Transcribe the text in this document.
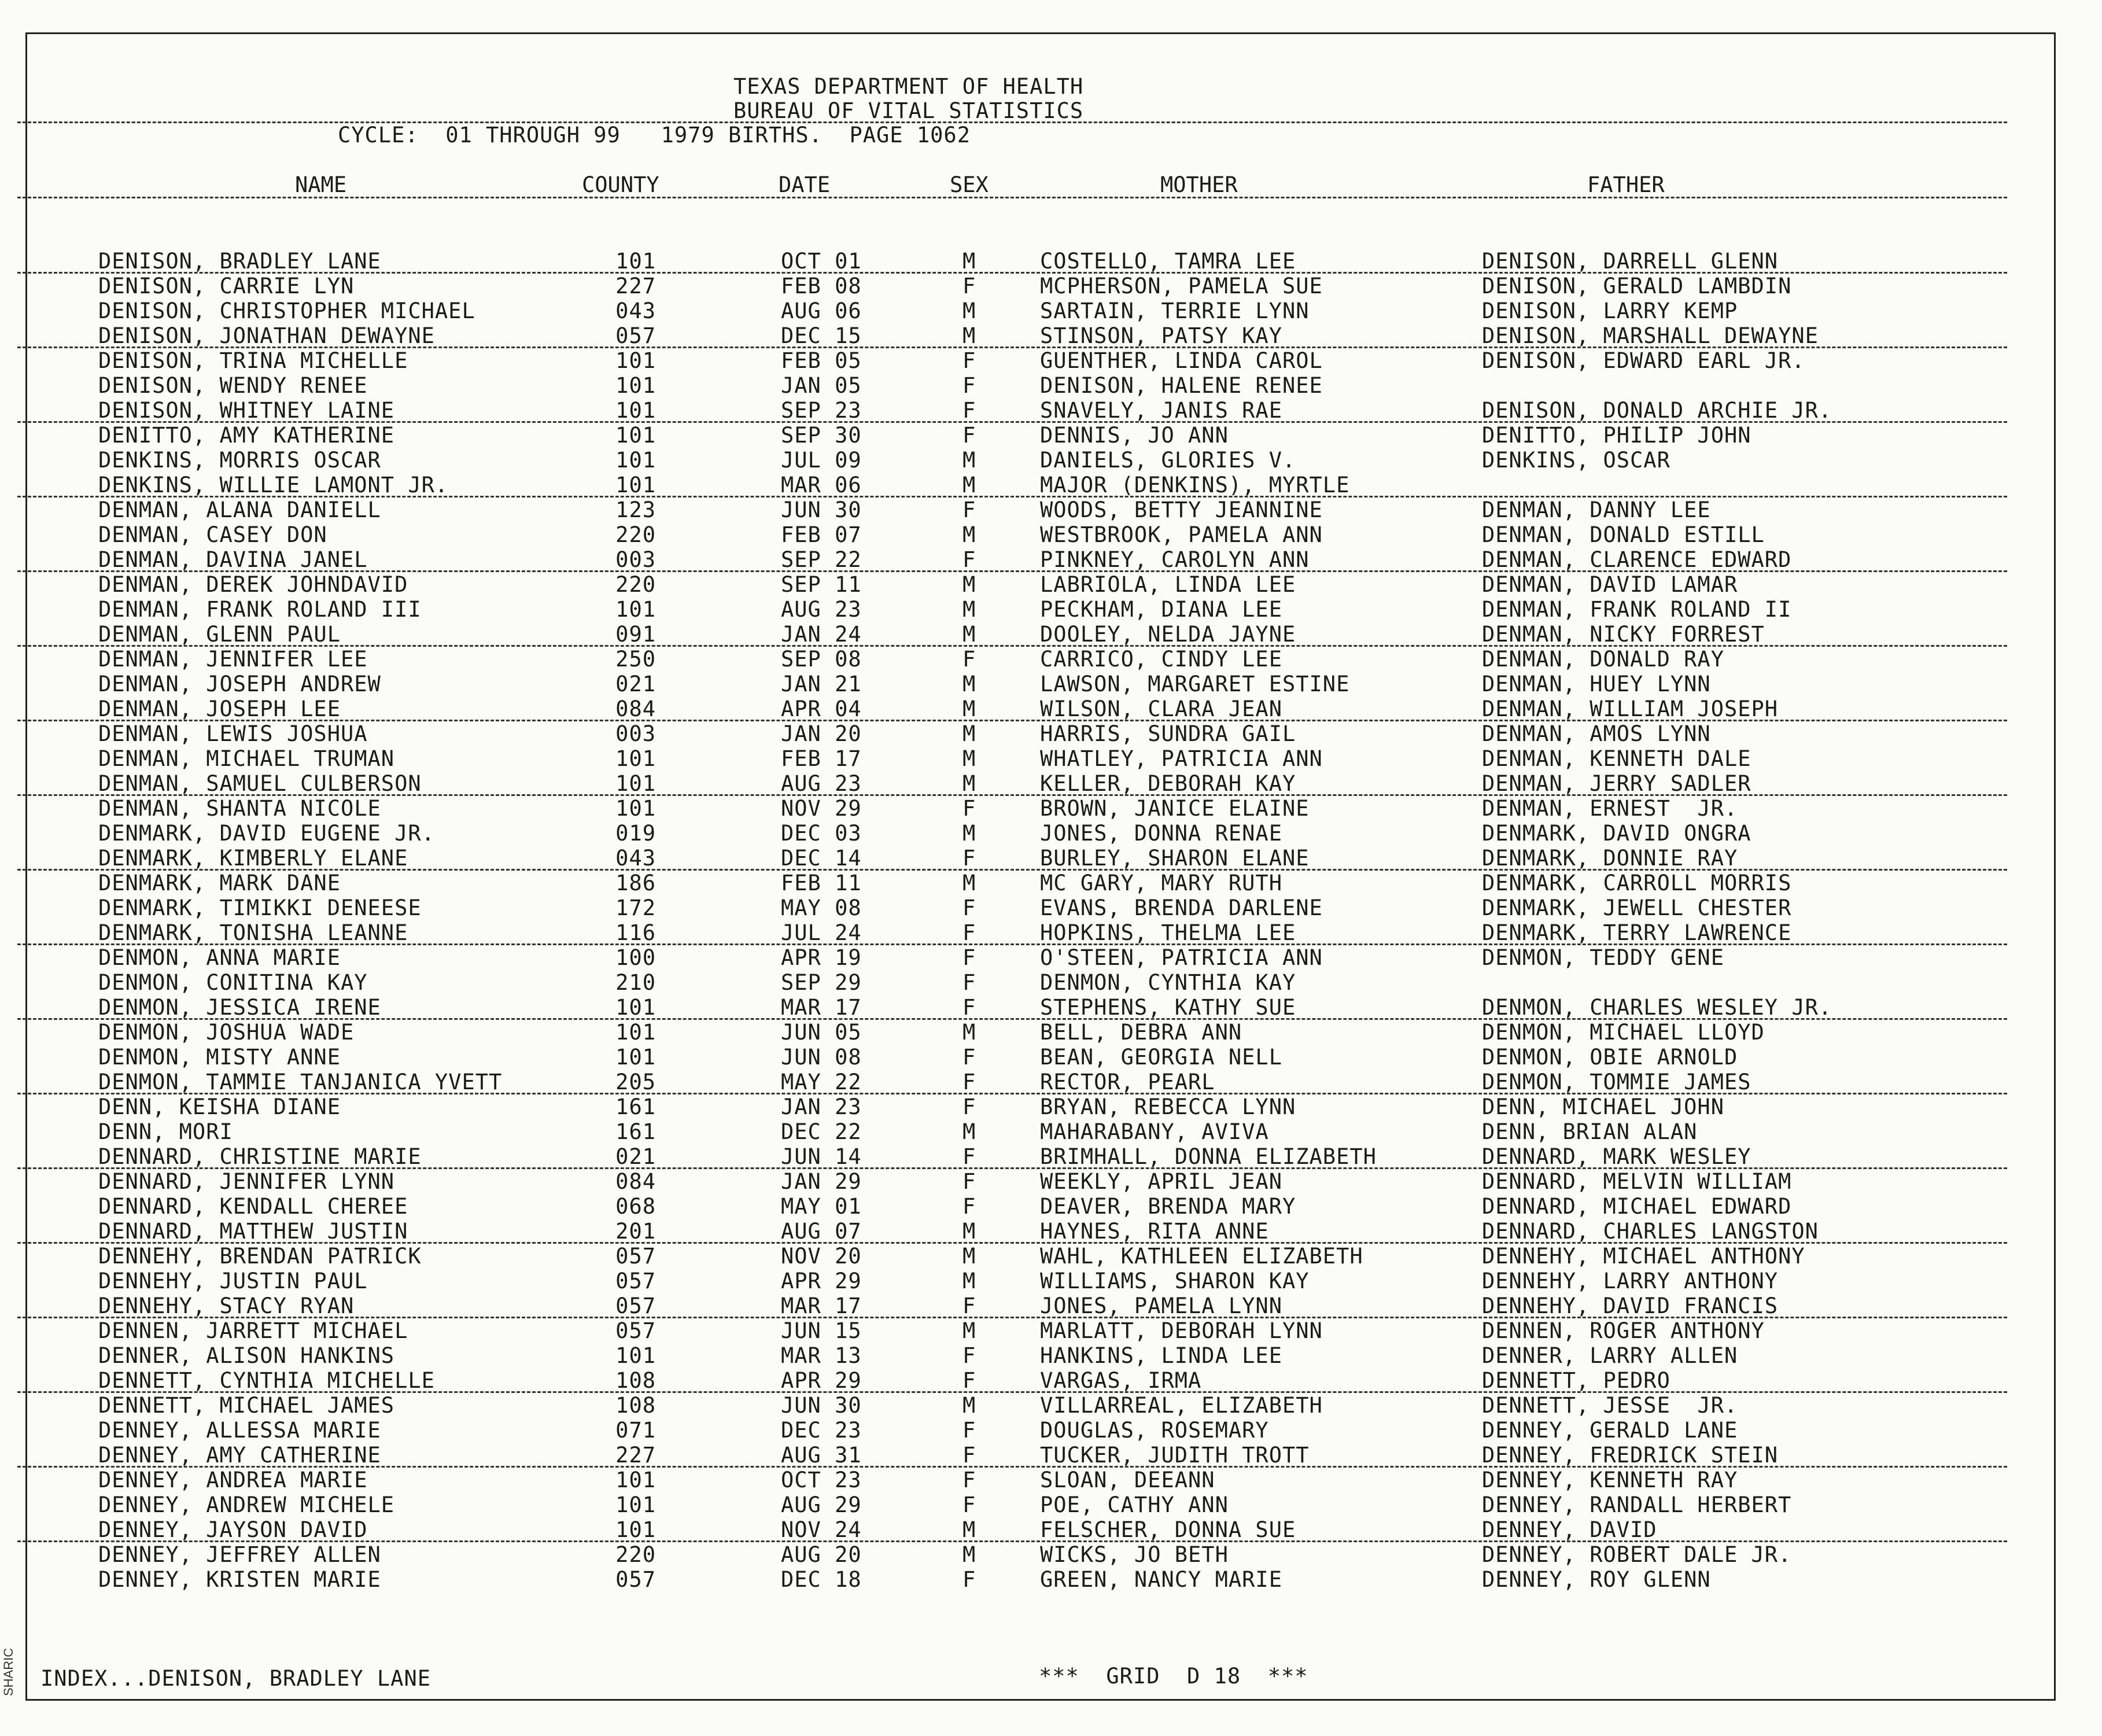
SHARIC
TEXAS DEPARTMENT OF HEALTH
BUREAU OF VITAL STATISTICS
CYCLE:  01 THROUGH 99   1979 BIRTHS.  PAGE 1062
NAME	COUNTY	DATE	SEX	MOTHER	FATHER
DENISON, BRADLEY LANE	101	OCT 01	M	COSTELLO, TAMRA LEE	DENISON, DARRELL GLENN
DENISON, CARRIE LYN	227	FEB 08	F	MCPHERSON, PAMELA SUE	DENISON, GERALD LAMBDIN
DENISON, CHRISTOPHER MICHAEL	043	AUG 06	M	SARTAIN, TERRIE LYNN	DENISON, LARRY KEMP
DENISON, JONATHAN DEWAYNE	057	DEC 15	M	STINSON, PATSY KAY	DENISON, MARSHALL DEWAYNE
DENISON, TRINA MICHELLE	101	FEB 05	F	GUENTHER, LINDA CAROL	DENISON, EDWARD EARL JR.
DENISON, WENDY RENEE	101	JAN 05	F	DENISON, HALENE RENEE
DENISON, WHITNEY LAINE	101	SEP 23	F	SNAVELY, JANIS RAE	DENISON, DONALD ARCHIE JR.
DENITTO, AMY KATHERINE	101	SEP 30	F	DENNIS, JO ANN	DENITTO, PHILIP JOHN
DENKINS, MORRIS OSCAR	101	JUL 09	M	DANIELS, GLORIES V.	DENKINS, OSCAR
DENKINS, WILLIE LAMONT JR.	101	MAR 06	M	MAJOR (DENKINS), MYRTLE
DENMAN, ALANA DANIELL	123	JUN 30	F	WOODS, BETTY JEANNINE	DENMAN, DANNY LEE
DENMAN, CASEY DON	220	FEB 07	M	WESTBROOK, PAMELA ANN	DENMAN, DONALD ESTILL
DENMAN, DAVINA JANEL	003	SEP 22	F	PINKNEY, CAROLYN ANN	DENMAN, CLARENCE EDWARD
DENMAN, DEREK JOHNDAVID	220	SEP 11	M	LABRIOLA, LINDA LEE	DENMAN, DAVID LAMAR
DENMAN, FRANK ROLAND III	101	AUG 23	M	PECKHAM, DIANA LEE	DENMAN, FRANK ROLAND II
DENMAN, GLENN PAUL	091	JAN 24	M	DOOLEY, NELDA JAYNE	DENMAN, NICKY FORREST
DENMAN, JENNIFER LEE	250	SEP 08	F	CARRICO, CINDY LEE	DENMAN, DONALD RAY
DENMAN, JOSEPH ANDREW	021	JAN 21	M	LAWSON, MARGARET ESTINE	DENMAN, HUEY LYNN
DENMAN, JOSEPH LEE	084	APR 04	M	WILSON, CLARA JEAN	DENMAN, WILLIAM JOSEPH
DENMAN, LEWIS JOSHUA	003	JAN 20	M	HARRIS, SUNDRA GAIL	DENMAN, AMOS LYNN
DENMAN, MICHAEL TRUMAN	101	FEB 17	M	WHATLEY, PATRICIA ANN	DENMAN, KENNETH DALE
DENMAN, SAMUEL CULBERSON	101	AUG 23	M	KELLER, DEBORAH KAY	DENMAN, JERRY SADLER
DENMAN, SHANTA NICOLE	101	NOV 29	F	BROWN, JANICE ELAINE	DENMAN, ERNEST  JR.
DENMARK, DAVID EUGENE JR.	019	DEC 03	M	JONES, DONNA RENAE	DENMARK, DAVID ONGRA
DENMARK, KIMBERLY ELANE	043	DEC 14	F	BURLEY, SHARON ELANE	DENMARK, DONNIE RAY
DENMARK, MARK DANE	186	FEB 11	M	MC GARY, MARY RUTH	DENMARK, CARROLL MORRIS
DENMARK, TIMIKKI DENEESE	172	MAY 08	F	EVANS, BRENDA DARLENE	DENMARK, JEWELL CHESTER
DENMARK, TONISHA LEANNE	116	JUL 24	F	HOPKINS, THELMA LEE	DENMARK, TERRY LAWRENCE
DENMON, ANNA MARIE	100	APR 19	F	O'STEEN, PATRICIA ANN	DENMON, TEDDY GENE
DENMON, CONITINA KAY	210	SEP 29	F	DENMON, CYNTHIA KAY
DENMON, JESSICA IRENE	101	MAR 17	F	STEPHENS, KATHY SUE	DENMON, CHARLES WESLEY JR.
DENMON, JOSHUA WADE	101	JUN 05	M	BELL, DEBRA ANN	DENMON, MICHAEL LLOYD
DENMON, MISTY ANNE	101	JUN 08	F	BEAN, GEORGIA NELL	DENMON, OBIE ARNOLD
DENMON, TAMMIE TANJANICA YVETT	205	MAY 22	F	RECTOR, PEARL	DENMON, TOMMIE JAMES
DENN, KEISHA DIANE	161	JAN 23	F	BRYAN, REBECCA LYNN	DENN, MICHAEL JOHN
DENN, MORI	161	DEC 22	M	MAHARABANY, AVIVA	DENN, BRIAN ALAN
DENNARD, CHRISTINE MARIE	021	JUN 14	F	BRIMHALL, DONNA ELIZABETH	DENNARD, MARK WESLEY
DENNARD, JENNIFER LYNN	084	JAN 29	F	WEEKLY, APRIL JEAN	DENNARD, MELVIN WILLIAM
DENNARD, KENDALL CHEREE	068	MAY 01	F	DEAVER, BRENDA MARY	DENNARD, MICHAEL EDWARD
DENNARD, MATTHEW JUSTIN	201	AUG 07	M	HAYNES, RITA ANNE	DENNARD, CHARLES LANGSTON
DENNEHY, BRENDAN PATRICK	057	NOV 20	M	WAHL, KATHLEEN ELIZABETH	DENNEHY, MICHAEL ANTHONY
DENNEHY, JUSTIN PAUL	057	APR 29	M	WILLIAMS, SHARON KAY	DENNEHY, LARRY ANTHONY
DENNEHY, STACY RYAN	057	MAR 17	F	JONES, PAMELA LYNN	DENNEHY, DAVID FRANCIS
DENNEN, JARRETT MICHAEL	057	JUN 15	M	MARLATT, DEBORAH LYNN	DENNEN, ROGER ANTHONY
DENNER, ALISON HANKINS	101	MAR 13	F	HANKINS, LINDA LEE	DENNER, LARRY ALLEN
DENNETT, CYNTHIA MICHELLE	108	APR 29	F	VARGAS, IRMA	DENNETT, PEDRO
DENNETT, MICHAEL JAMES	108	JUN 30	M	VILLARREAL, ELIZABETH	DENNETT, JESSE  JR.
DENNEY, ALLESSA MARIE	071	DEC 23	F	DOUGLAS, ROSEMARY	DENNEY, GERALD LANE
DENNEY, AMY CATHERINE	227	AUG 31	F	TUCKER, JUDITH TROTT	DENNEY, FREDRICK STEIN
DENNEY, ANDREA MARIE	101	OCT 23	F	SLOAN, DEEANN	DENNEY, KENNETH RAY
DENNEY, ANDREW MICHELE	101	AUG 29	F	POE, CATHY ANN	DENNEY, RANDALL HERBERT
DENNEY, JAYSON DAVID	101	NOV 24	M	FELSCHER, DONNA SUE	DENNEY, DAVID
DENNEY, JEFFREY ALLEN	220	AUG 20	M	WICKS, JO BETH	DENNEY, ROBERT DALE JR.
DENNEY, KRISTEN MARIE	057	DEC 18	F	GREEN, NANCY MARIE	DENNEY, ROY GLENN
INDEX...DENISON, BRADLEY LANE	***  GRID  D 18  ***
